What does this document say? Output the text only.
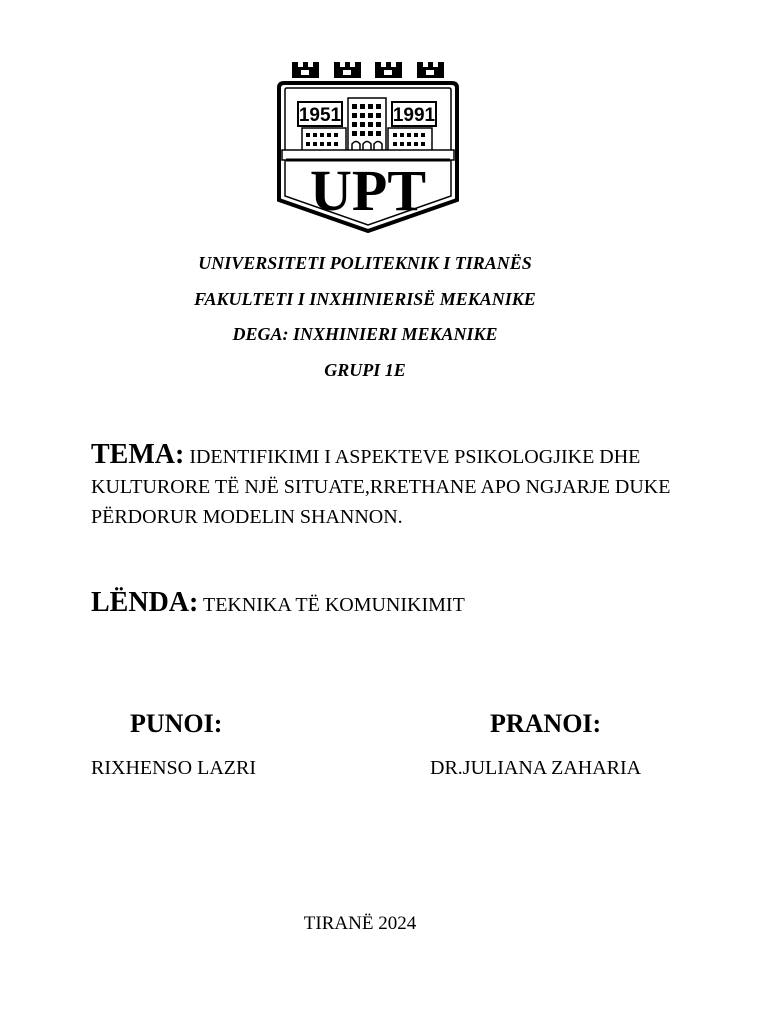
1951	1991
UPT
UNIVERSITETI POLITEKNIK I TIRANËS
FAKULTETI I INXHINIERISË MEKANIKE
DEGA: INXHINIERI MEKANIKE
GRUPI 1E
TEMA: IDENTIFIKIMI I ASPEKTEVE PSIKOLOGJIKE DHE KULTURORE TË NJË SITUATE,RRETHANE APO NGJARJE DUKE PËRDORUR MODELIN SHANNON.
LËNDA: TEKNIKA TË KOMUNIKIMIT
PUNOI:
RIXHENSO LAZRI
PRANOI:
DR.JULIANA ZAHARIA
TIRANË 2024
